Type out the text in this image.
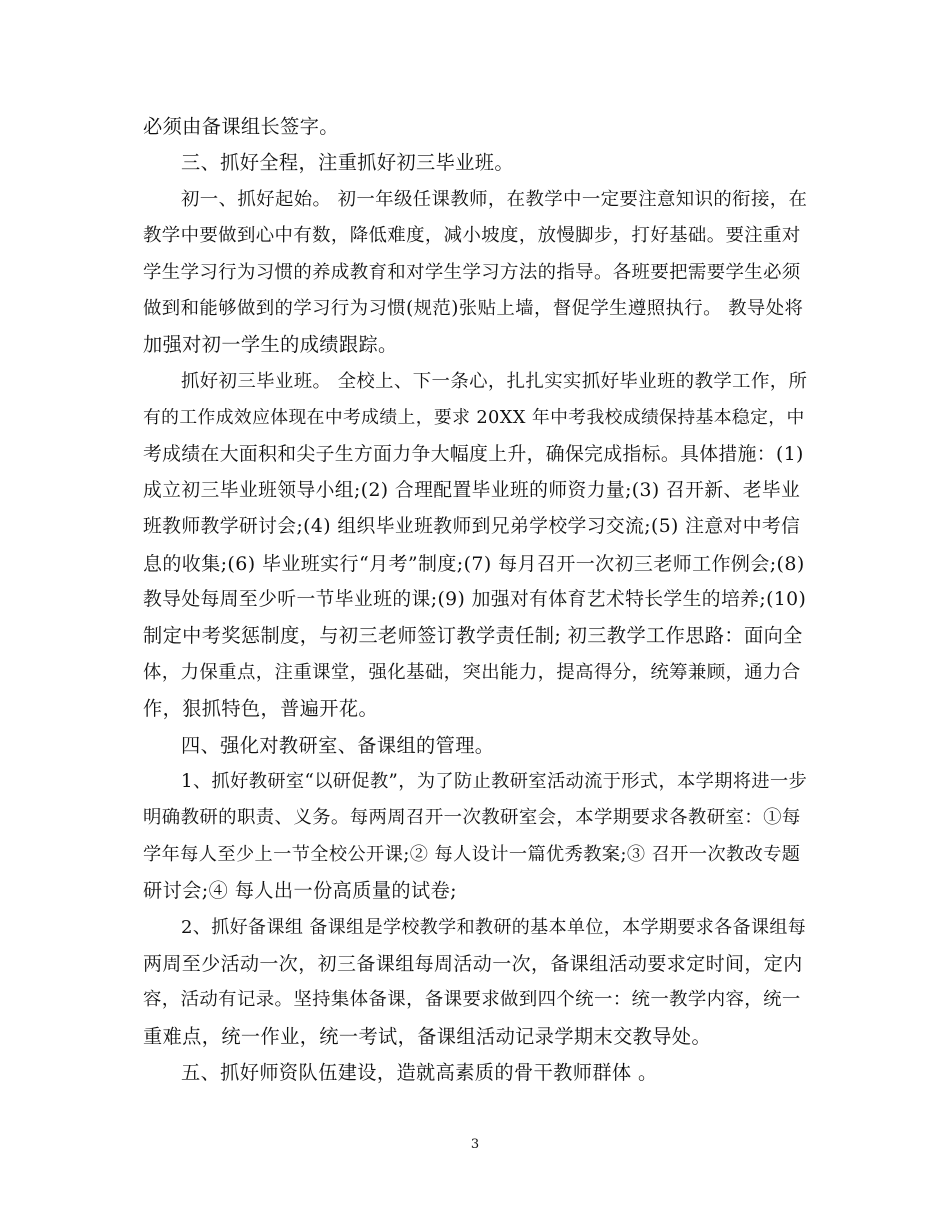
必须由备课组长签字。
三、抓好全程，注重抓好初三毕业班。
初一、抓好起始。 初一年级任课教师，在教学中一定要注意知识的衔接，在
教学中要做到心中有数，降低难度，减小坡度，放慢脚步，打好基础。要注重对
学生学习行为习惯的养成教育和对学生学习方法的指导。各班要把需要学生必须
做到和能够做到的学习行为习惯(规范)张贴上墙，督促学生遵照执行。 教导处将
加强对初一学生的成绩跟踪。
抓好初三毕业班。 全校上、下一条心，扎扎实实抓好毕业班的教学工作，所
有的工作成效应体现在中考成绩上，要求 20XX 年中考我校成绩保持基本稳定，中
考成绩在大面积和尖子生方面力争大幅度上升，确保完成指标。具体措施：(1)
成立初三毕业班领导小组;(2) 合理配置毕业班的师资力量;(3) 召开新、老毕业
班教师教学研讨会;(4) 组织毕业班教师到兄弟学校学习交流;(5) 注意对中考信
息的收集;(6) 毕业班实行“月考”制度;(7) 每月召开一次初三老师工作例会;(8)
教导处每周至少听一节毕业班的课;(9) 加强对有体育艺术特长学生的培养;(10)
制定中考奖惩制度，与初三老师签订教学责任制; 初三教学工作思路：面向全
体，力保重点，注重课堂，强化基础，突出能力，提高得分，统筹兼顾，通力合
作，狠抓特色，普遍开花。
四、强化对教研室、备课组的管理。
1、抓好教研室“以研促教”，为了防止教研室活动流于形式，本学期将进一步
明确教研的职责、义务。每两周召开一次教研室会，本学期要求各教研室：①每
学年每人至少上一节全校公开课;② 每人设计一篇优秀教案;③ 召开一次教改专题
研讨会;④ 每人出一份高质量的试卷;
2、抓好备课组 备课组是学校教学和教研的基本单位，本学期要求各备课组每
两周至少活动一次，初三备课组每周活动一次，备课组活动要求定时间，定内
容，活动有记录。坚持集体备课，备课要求做到四个统一：统一教学内容，统一
重难点，统一作业，统一考试，备课组活动记录学期末交教导处。
五、抓好师资队伍建设，造就高素质的骨干教师群体 。
3
